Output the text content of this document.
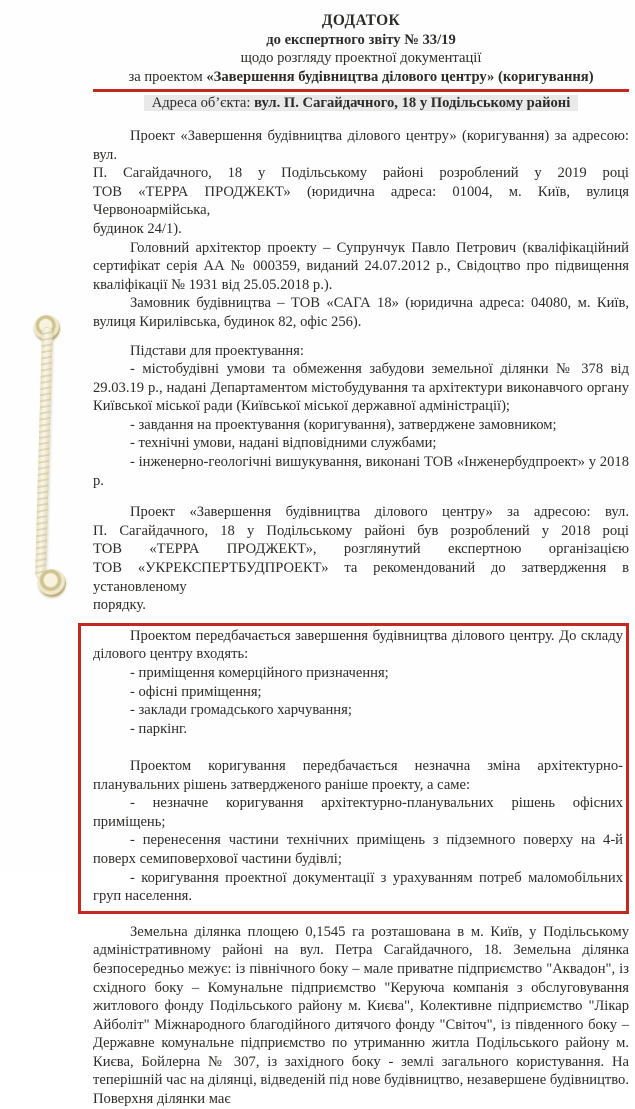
ДОДАТОК
до експертного звіту № 33/19
щодо розгляду проектної документації
за проектом «Завершення будівництва ділового центру» (коригування)
Адреса об’єкта: вул. П. Сагайдачного, 18 у Подільському районі
Проект «Завершення будівництва ділового центру» (коригування) за адресою: вул.
П. Сагайдачного, 18 у Подільському районі розроблений у 2019 році
ТОВ «ТЕРРА ПРОДЖЕКТ» (юридична адреса: 01004, м. Київ, вулиця Червоноармійська,
будинок 24/1).

Головний архітектор проекту – Супрунчук Павло Петрович (кваліфікаційний сертифікат серія АА № 000359, виданий 24.07.2012 р., Свідоцтво про підвищення кваліфікації № 1931 від 25.05.2018 р.).

Замовник будівництва – ТОВ «САГА 18» (юридична адреса: 04080, м. Київ, вулиця Кирилівська, будинок 82, офіс 256).

Підстави для проектування:

- містобудівні умови та обмеження забудови земельної ділянки № 378 від 29.03.19 р., надані Департаментом містобудування та архітектури виконавчого органу Київської міської ради (Київської міської державної адміністрації);
- завдання на проектування (коригування), затверджене замовником;
- технічні умови, надані відповідними службами;
- інженерно-геологічні вишукування, виконані ТОВ «Інженербудпроект» у 2018 р.
Проект «Завершення будівництва ділового центру» за адресою: вул.
П. Сагайдачного, 18 у Подільському районі був розроблений у 2018 році
ТОВ «ТЕРРА ПРОДЖЕКТ», розглянутий експертною організацією
ТОВ «УКРЕКСПЕРТБУДПРОЕКТ» та рекомендований до затвердження в установленому
порядку.

Проектом передбачається завершення будівництва ділового центру. До складу ділового центру входять:

- приміщення комерційного призначення;
- офісні приміщення;
- заклади громадського харчування;
- паркінг.

Проектом коригування передбачається незначна зміна архітектурно-планувальних рішень затвердженого раніше проекту, а саме:

- незначне коригування архітектурно-планувальних рішень офісних приміщень;
- перенесення частини технічних приміщень з підземного поверху на 4-й поверх семиповерхової частини будівлі;
- коригування проектної документації з урахуванням потреб маломобільних груп населення.

Земельна ділянка площею 0,1545 га розташована в м. Київ, у Подільському адміністративному районі на вул. Петра Сагайдачного, 18. Земельна ділянка безпосередньо межує: із північного боку – мале приватне підприємство "Аквадон", із східного боку – Комунальне підприємство "Керуюча компанія з обслуговування житлового фонду Подільського району м. Києва", Колективне підприємство "Лікар Айболіт" Міжнародного благодійного дитячого фонду "Світоч", із південного боку – Державне комунальне підприємство по утриманню житла Подільського району м. Києва, Бойлерна № 307, із західного боку - землі загального користування. На теперішній час на ділянці, відведеній під нове будівництво, незавершене будівництво. Поверхня ділянки має
